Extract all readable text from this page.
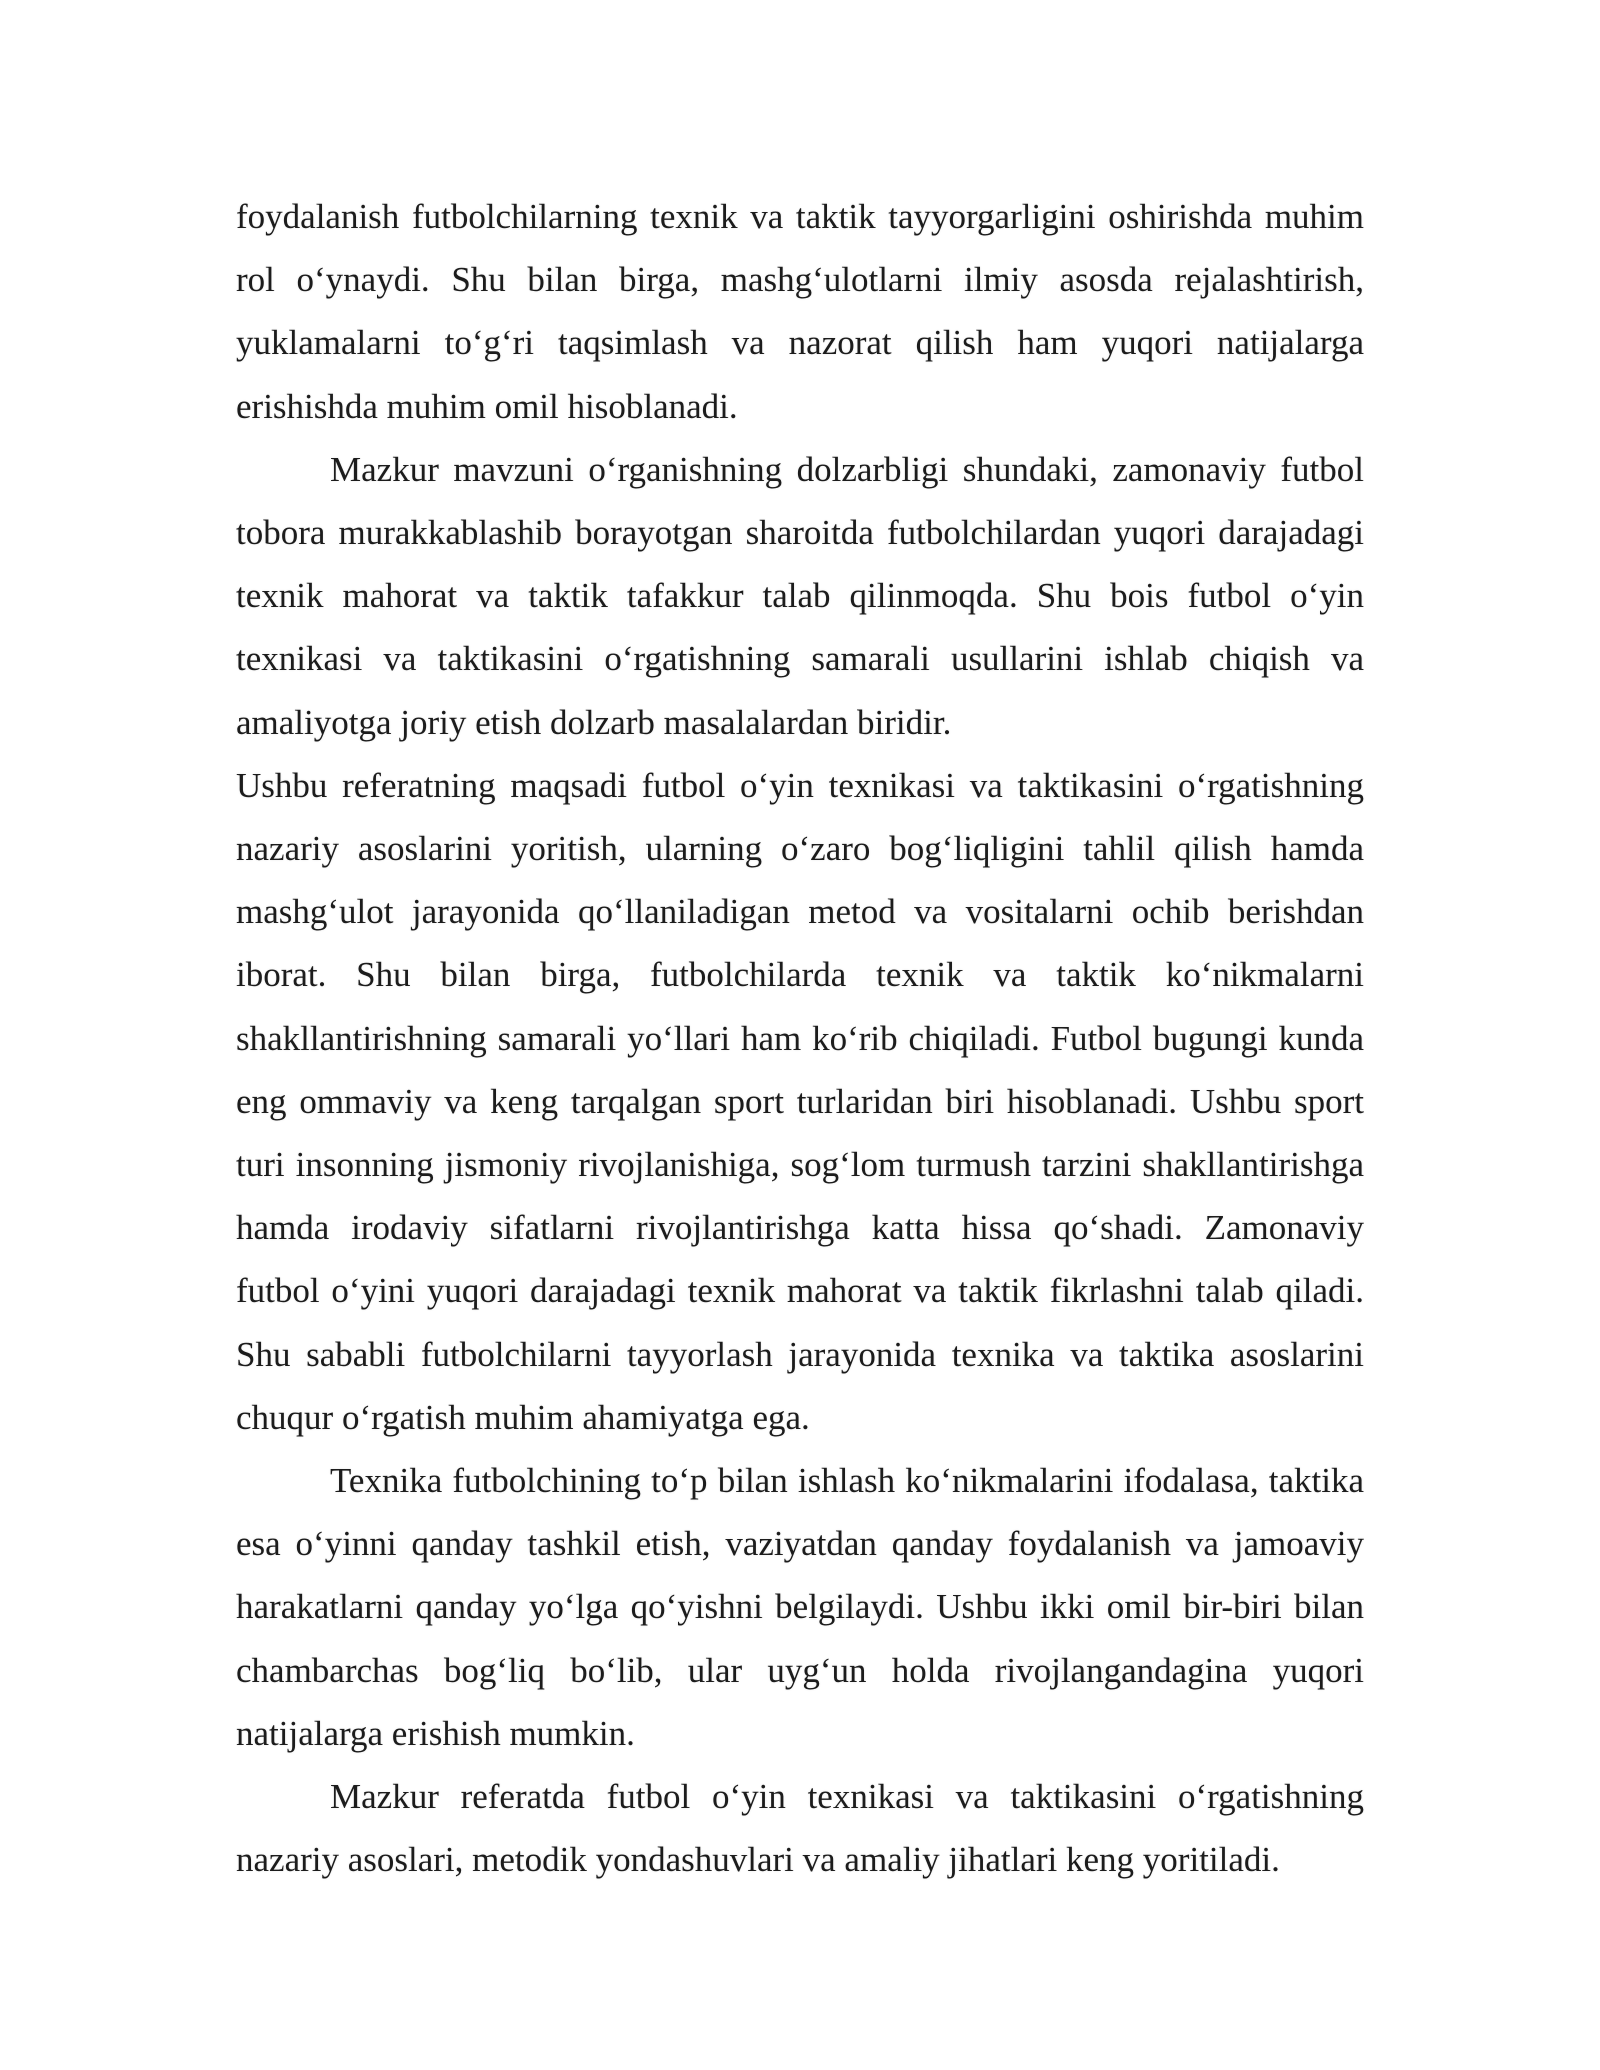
foydalanish futbolchilarning texnik va taktik tayyorgarligini oshirishda muhim rol o‘ynaydi. Shu bilan birga, mashg‘ulotlarni ilmiy asosda rejalashtirish, yuklamalarni to‘g‘ri taqsimlash va nazorat qilish ham yuqori natijalarga erishishda muhim omil hisoblanadi.

Mazkur mavzuni o‘rganishning dolzarbligi shundaki, zamonaviy futbol tobora murakkablashib borayotgan sharoitda futbolchilardan yuqori darajadagi texnik mahorat va taktik tafakkur talab qilinmoqda. Shu bois futbol o‘yin texnikasi va taktikasini o‘rgatishning samarali usullarini ishlab chiqish va amaliyotga joriy etish dolzarb masalalardan biridir.

Ushbu referatning maqsadi futbol o‘yin texnikasi va taktikasini o‘rgatishning nazariy asoslarini yoritish, ularning o‘zaro bog‘liqligini tahlil qilish hamda mashg‘ulot jarayonida qo‘llaniladigan metod va vositalarni ochib berishdan iborat. Shu bilan birga, futbolchilarda texnik va taktik ko‘nikmalarni shakllantirishning samarali yo‘llari ham ko‘rib chiqiladi. Futbol bugungi kunda eng ommaviy va keng tarqalgan sport turlaridan biri hisoblanadi. Ushbu sport turi insonning jismoniy rivojlanishiga, sog‘lom turmush tarzini shakllantirishga hamda irodaviy sifatlarni rivojlantirishga katta hissa qo‘shadi. Zamonaviy futbol o‘yini yuqori darajadagi texnik mahorat va taktik fikrlashni talab qiladi. Shu sababli futbolchilarni tayyorlash jarayonida texnika va taktika asoslarini chuqur o‘rgatish muhim ahamiyatga ega.

Texnika futbolchining to‘p bilan ishlash ko‘nikmalarini ifodalasa, taktika esa o‘yinni qanday tashkil etish, vaziyatdan qanday foydalanish va jamoaviy harakatlarni qanday yo‘lga qo‘yishni belgilaydi. Ushbu ikki omil bir-biri bilan chambarchas bog‘liq bo‘lib, ular uyg‘un holda rivojlangandagina yuqori natijalarga erishish mumkin.

Mazkur referatda futbol o‘yin texnikasi va taktikasini o‘rgatishning nazariy asoslari, metodik yondashuvlari va amaliy jihatlari keng yoritiladi.
